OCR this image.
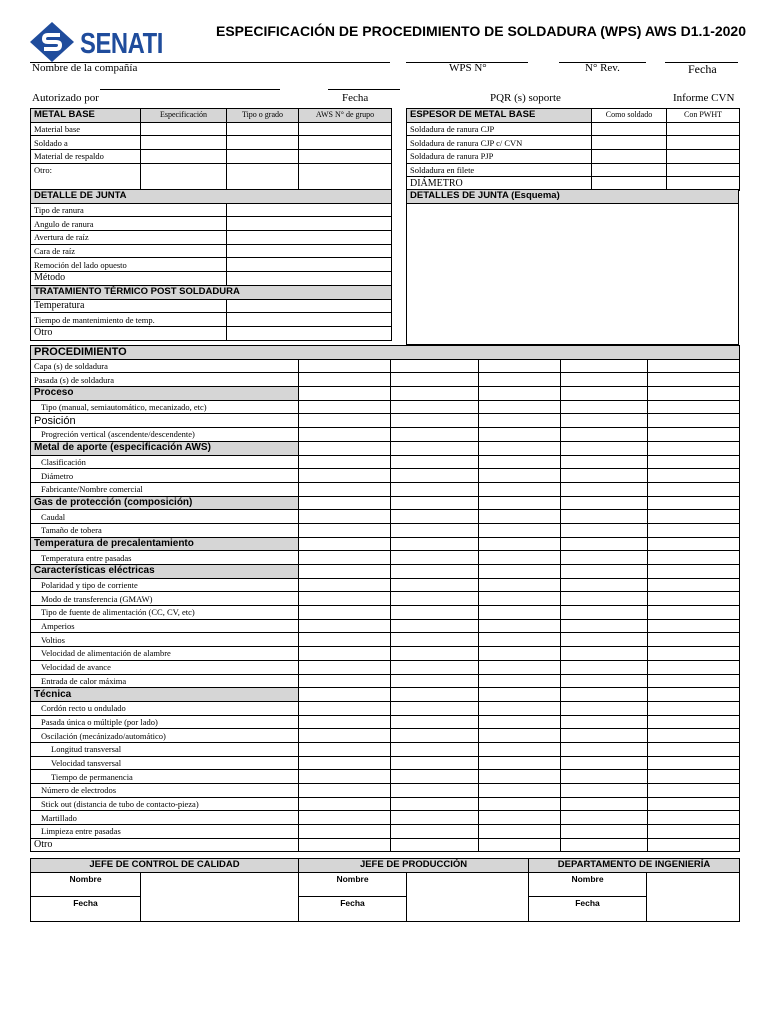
SENATI	ESPECIFICACIÓN DE PROCEDIMIENTO DE SOLDADURA (WPS) AWS D1.1-2020
Nombre de la compañía	WPS N°	N° Rev.	Fecha
Autorizado por	Fecha	PQR (s) soporte	Informe CVN
METAL BASE	Especificación	Tipo o grado	AWS N° de grupo
Material base			
Soldado a			
Material de respaldo			
Otro:			
ESPESOR DE METAL BASE	Como soldado	Con PWHT
Soldadura de ranura CJP		
Soldadura de ranura CJP c/ CVN		
Soldadura de ranura PJP		
Soldadura en filete		
DIÁMETRO		
DETALLE DE JUNTA	
Tipo de ranura	
Angulo de ranura	
Avertura de raíz	
Cara de raíz	
Remoción del lado opuesto	
Método	
TRATAMIENTO TÉRMICO POST SOLDADURA	
Temperatura	
Tiempo de mantenimiento de temp.	
Otro	
DETALLES DE JUNTA (Esquema)

PROCEDIMIENTO					
Capa (s) de soldadura					
Pasada (s) de soldadura					
Proceso					
Tipo (manual, semiautomático, mecanizado, etc)					
Posición					
Progreción vertical (ascendente/descendente)					
Metal de aporte (especificación AWS)					
Clasificación					
Diámetro					
Fabricante/Nombre comercial					
Gas de protección (composición)					
Caudal					
Tamaño de tobera					
Temperatura de precalentamiento					
Temperatura entre pasadas					
Características eléctricas					
Polaridad y tipo de corriente					
Modo de transferencia (GMAW)					
Tipo de fuente de alimentación (CC, CV, etc)					
Amperios					
Voltios					
Velocidad de alimentación de alambre					
Velocidad de avance					
Entrada de calor máxima					
Técnica					
Cordón recto u ondulado					
Pasada única o múltiple (por lado)					
Oscilación (mecánizado/automático)					
Longitud transversal					
Velocidad tansversal					
Tiempo de permanencia					
Número de electrodos					
Stick out (distancia de tubo de contacto-pieza)					
Martillado					
Limpieza entre pasadas					
Otro					
JEFE DE CONTROL DE CALIDAD		JEFE DE PRODUCCIÓN		DEPARTAMENTO DE INGENIERÍA	
Nombre		Nombre		Nombre	
Fecha		Fecha		Fecha	
